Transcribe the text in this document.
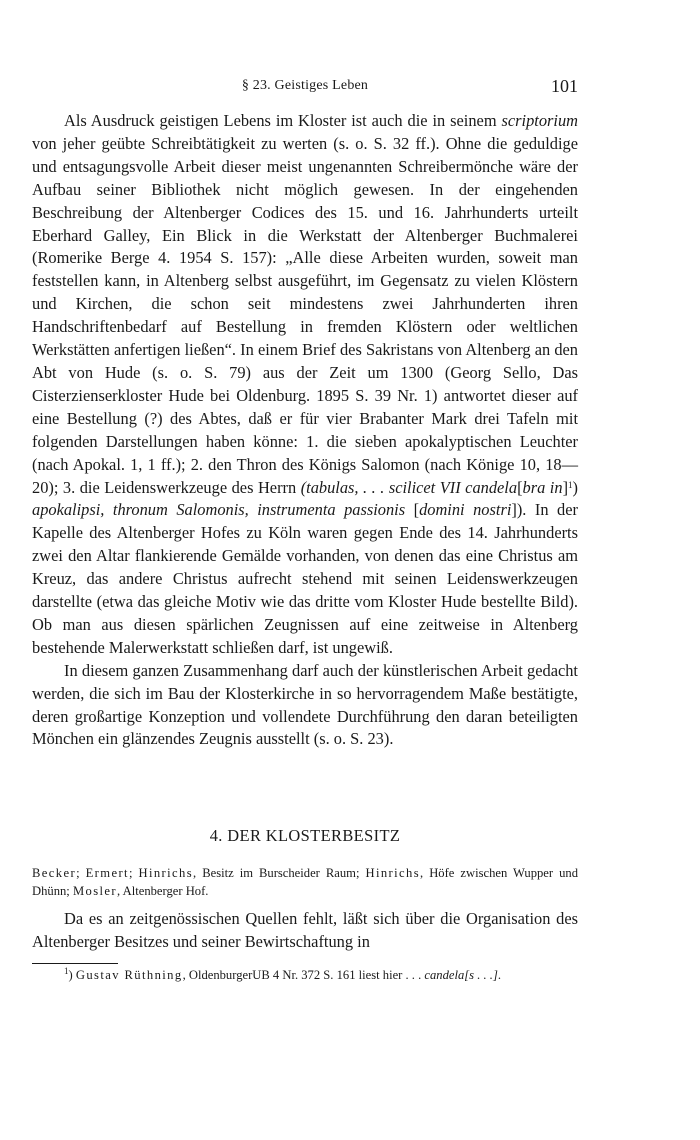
§ 23. Geistiges Leben	101

Als Ausdruck geistigen Lebens im Kloster ist auch die in seinem scriptorium von jeher geübte Schreibtätigkeit zu werten (s. o. S. 32 ff.). Ohne die geduldige und entsagungsvolle Arbeit dieser meist ungenannten Schreibermönche wäre der Aufbau seiner Bibliothek nicht möglich gewesen. In der eingehenden Beschreibung der Altenberger Codices des 15. und 16. Jahrhunderts urteilt Eberhard Galley, Ein Blick in die Werkstatt der Altenberger Buchmalerei (Romerike Berge 4. 1954 S. 157): „Alle diese Arbeiten wurden, soweit man feststellen kann, in Altenberg selbst ausgeführt, im Gegensatz zu vielen Klöstern und Kirchen, die schon seit mindestens zwei Jahrhunderten ihren Handschriftenbedarf auf Bestellung in fremden Klöstern oder weltlichen Werkstätten anfertigen ließen“. In einem Brief des Sakristans von Altenberg an den Abt von Hude (s. o. S. 79) aus der Zeit um 1300 (Georg Sello, Das Cisterzienserkloster Hude bei Oldenburg. 1895 S. 39 Nr. 1) antwortet dieser auf eine Bestellung (?) des Abtes, daß er für vier Brabanter Mark drei Tafeln mit folgenden Darstellungen haben könne: 1. die sieben apokalyptischen Leuchter (nach Apokal. 1, 1 ff.); 2. den Thron des Königs Salomon (nach Könige 10, 18—20); 3. die Leidenswerkzeuge des Herrn (tabulas, . . . scilicet VII candela[bra in]$^1$) apokalipsi, thronum Salomonis, instrumenta passionis [domini nostri]). In der Kapelle des Altenberger Hofes zu Köln waren gegen Ende des 14. Jahrhunderts zwei den Altar flankierende Gemälde vorhanden, von denen das eine Christus am Kreuz, das andere Christus aufrecht stehend mit seinen Leidenswerkzeugen darstellte (etwa das gleiche Motiv wie das dritte vom Kloster Hude bestellte Bild). Ob man aus diesen spärlichen Zeugnissen auf eine zeitweise in Altenberg bestehende Malerwerkstatt schließen darf, ist ungewiß.

In diesem ganzen Zusammenhang darf auch der künstlerischen Arbeit gedacht werden, die sich im Bau der Klosterkirche in so hervorragendem Maße bestätigte, deren großartige Konzeption und vollendete Durchführung den daran beteiligten Mönchen ein glänzendes Zeugnis ausstellt (s. o. S. 23).

4. DER KLOSTERBESITZ
Becker; Ermert; Hinrichs, Besitz im Burscheider Raum; Hinrichs, Höfe zwischen Wupper und Dhünn; Mosler, Altenberger Hof.

Da es an zeitgenössischen Quellen fehlt, läßt sich über die Organisation des Altenberger Besitzes und seiner Bewirtschaftung in

$^1$) Gustav Rüthning, OldenburgerUB 4 Nr. 372 S. 161 liest hier . . . candela[s . . .].
